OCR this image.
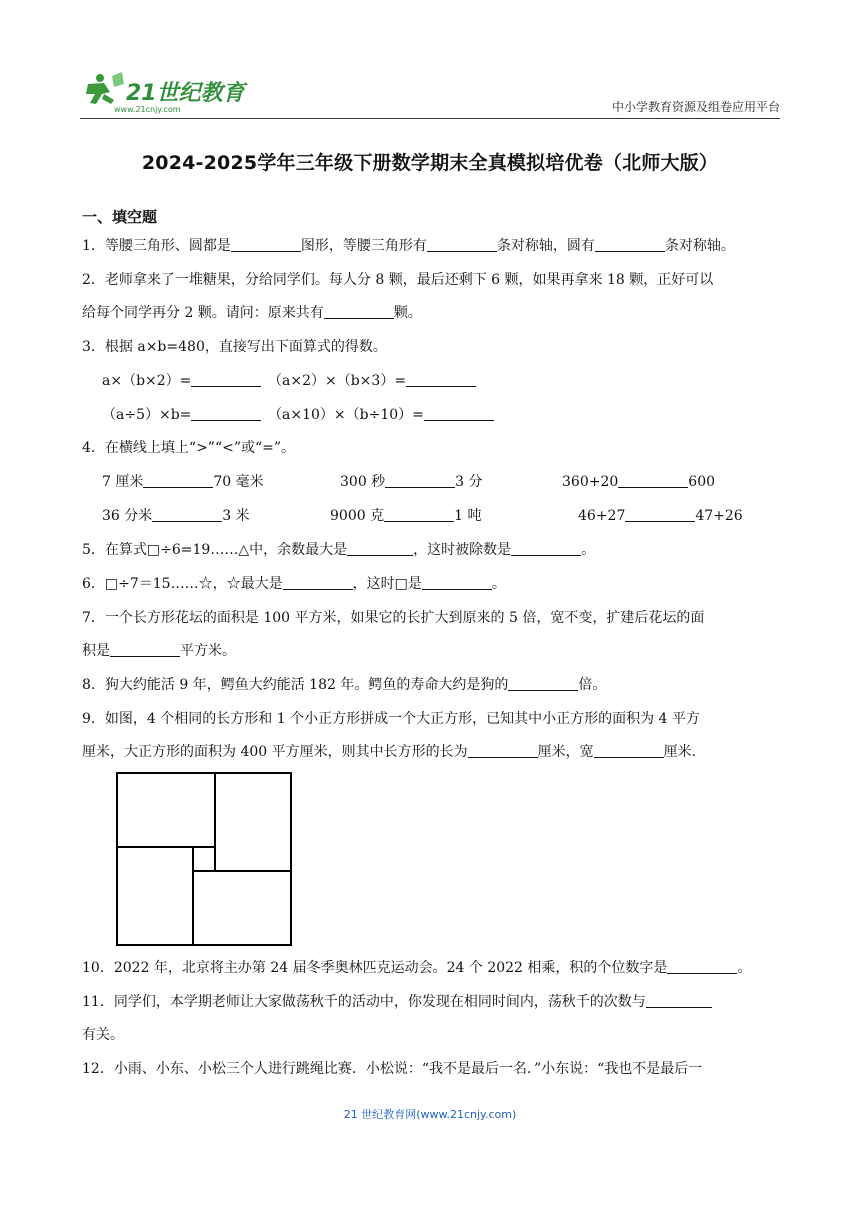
21世纪教育
www.21cnjy.com	中小学教育资源及组卷应用平台
2024-2025学年三年级下册数学期末全真模拟培优卷（北师大版）
一、填空题
1．等腰三角形、圆都是	图形，等腰三角形有	条对称轴，圆有	条对称轴。
2．老师拿来了一堆糖果，分给同学们。每人分 8 颗，最后还剩下 6 颗，如果再拿来 18 颗，正好可以
给每个同学再分 2 颗。请问：原来共有	颗。
3．根据 a×b=480，直接写出下面算式的得数。
a×（b×2）=	（a×2）×（b×3）=
（a÷5）×b=	（a×10）×（b÷10）=
4．在横线上填上“>”“<”或“=”。
7 厘米	70 毫米	300 秒	3 分	360+20	600
36 分米	3 米	9000 克	1 吨	46+27	47+26
5．在算式□÷6=19……△中，余数最大是	，这时被除数是	。
6．□÷7＝15……☆，☆最大是	，这时□是	。
7．一个长方形花坛的面积是 100 平方米，如果它的长扩大到原来的 5 倍，宽不变，扩建后花坛的面
积是	平方米。
8．狗大约能活 9 年，鳄鱼大约能活 182 年。鳄鱼的寿命大约是狗的	倍。
9．如图，4 个相同的长方形和 1 个小正方形拼成一个大正方形，已知其中小正方形的面积为 4 平方
厘米，大正方形的面积为 400 平方厘米，则其中长方形的长为	厘米，宽	厘米.
10．2022 年，北京将主办第 24 届冬季奥林匹克运动会。24 个 2022 相乘，积的个位数字是	。
11．同学们，本学期老师让大家做荡秋千的活动中，你发现在相同时间内，荡秋千的次数与
有关。
12．小雨、小东、小松三个人进行跳绳比赛．小松说：“我不是最后一名．”小东说：“我也不是最后一
21 世纪教育网(www.21cnjy.com)
